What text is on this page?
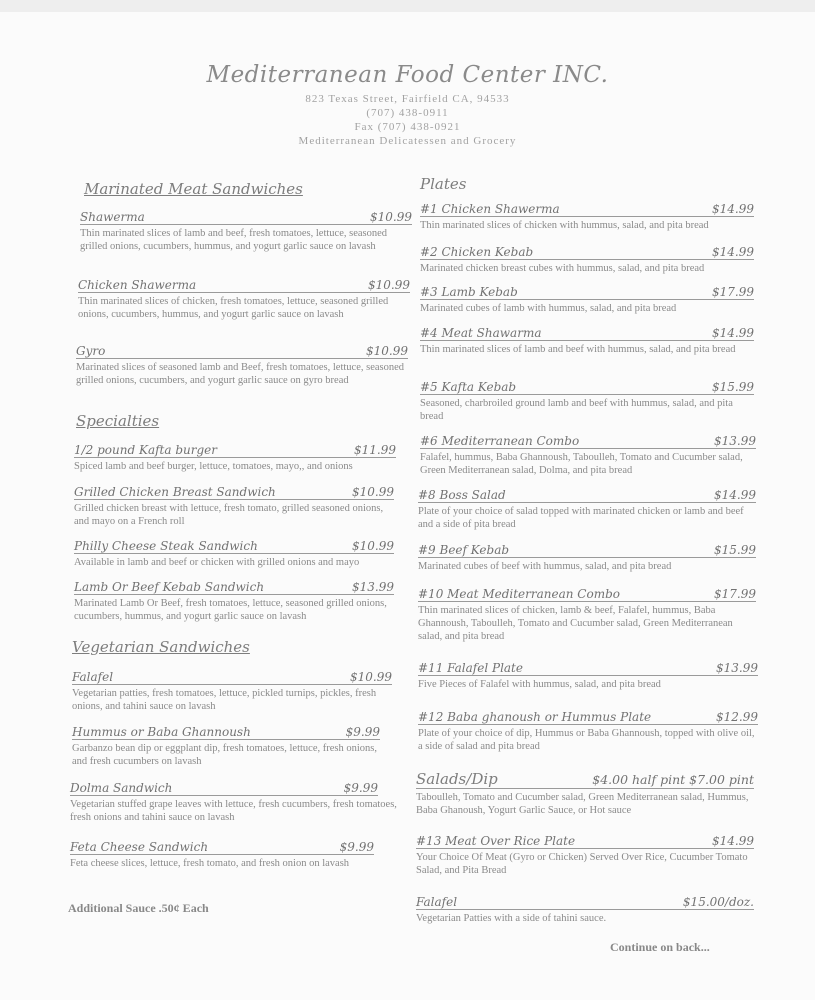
Mediterranean Food Center INC.
823 Texas Street, Fairfield CA, 94533
(707) 438-0911
Fax (707) 438-0921
Mediterranean Delicatessen and Grocery
Marinated Meat Sandwiches
Shawerma	$10.99
Thin marinated slices of lamb and beef, fresh tomatoes, lettuce, seasoned grilled onions, cucumbers, hummus, and yogurt garlic sauce on lavash
Chicken Shawerma	$10.99
Thin marinated slices of chicken, fresh tomatoes, lettuce, seasoned grilled onions, cucumbers, hummus, and yogurt garlic sauce on lavash
Gyro	$10.99
Marinated slices of seasoned lamb and Beef, fresh tomatoes, lettuce, seasoned grilled onions, cucumbers, and yogurt garlic sauce on gyro bread
Specialties
1/2 pound Kafta burger	$11.99
Spiced lamb and beef burger, lettuce, tomatoes, mayo,, and onions
Grilled Chicken Breast Sandwich	$10.99
Grilled chicken breast with lettuce, fresh tomato, grilled seasoned onions, and mayo on a French roll
Philly Cheese Steak Sandwich	$10.99
Available in lamb and beef or chicken with grilled onions and mayo
Lamb Or Beef Kebab Sandwich	$13.99
Marinated Lamb Or Beef, fresh tomatoes, lettuce, seasoned grilled onions, cucumbers, hummus, and yogurt garlic sauce on lavash
Vegetarian Sandwiches
Falafel	$10.99
Vegetarian patties, fresh tomatoes, lettuce, pickled turnips, pickles, fresh onions, and tahini sauce on lavash
Hummus or Baba Ghannoush	$9.99
Garbanzo bean dip or eggplant dip, fresh tomatoes, lettuce, fresh onions, and fresh cucumbers on lavash
Dolma Sandwich	$9.99
Vegetarian stuffed grape leaves with lettuce, fresh cucumbers, fresh tomatoes, fresh onions and tahini sauce on lavash
Feta Cheese Sandwich	$9.99
Feta cheese slices, lettuce, fresh tomato, and fresh onion on lavash
Additional Sauce .50¢ Each
Plates
#1 Chicken Shawerma	$14.99
Thin marinated slices of chicken with hummus, salad, and pita bread
#2 Chicken Kebab	$14.99
Marinated chicken breast cubes with hummus, salad, and pita bread
#3 Lamb Kebab	$17.99
Marinated cubes of lamb with hummus, salad, and pita bread
#4 Meat Shawarma	$14.99
Thin marinated slices of lamb and beef with hummus, salad, and pita bread
#5 Kafta Kebab	$15.99
Seasoned, charbroiled ground lamb and beef with hummus, salad, and pita bread
#6 Mediterranean Combo	$13.99
Falafel, hummus, Baba Ghannoush, Taboulleh, Tomato and Cucumber salad, Green Mediterranean salad, Dolma, and pita bread
#8 Boss Salad	$14.99
Plate of your choice of salad topped with marinated chicken or lamb and beef and a side of pita bread
#9 Beef Kebab	$15.99
Marinated cubes of beef with hummus, salad, and pita bread
#10 Meat Mediterranean Combo	$17.99
Thin marinated slices of chicken, lamb & beef, Falafel, hummus, Baba Ghannoush, Taboulleh, Tomato and Cucumber salad, Green Mediterranean salad, and pita bread
#11 Falafel Plate	$13.99
Five Pieces of Falafel with hummus, salad, and pita bread
#12 Baba ghanoush or Hummus Plate	$12.99
Plate of your choice of dip, Hummus or Baba Ghannoush, topped with olive oil, a side of salad and pita bread
Salads/Dip	$4.00 half pint $7.00 pint
Taboulleh, Tomato and Cucumber salad, Green Mediterranean salad, Hummus, Baba Ghanoush, Yogurt Garlic Sauce, or Hot sauce
#13 Meat Over Rice Plate	$14.99
Your Choice Of Meat (Gyro or Chicken) Served Over Rice, Cucumber Tomato Salad, and Pita Bread
Falafel	$15.00/doz.
Vegetarian Patties with a side of tahini sauce.
Continue on back...
